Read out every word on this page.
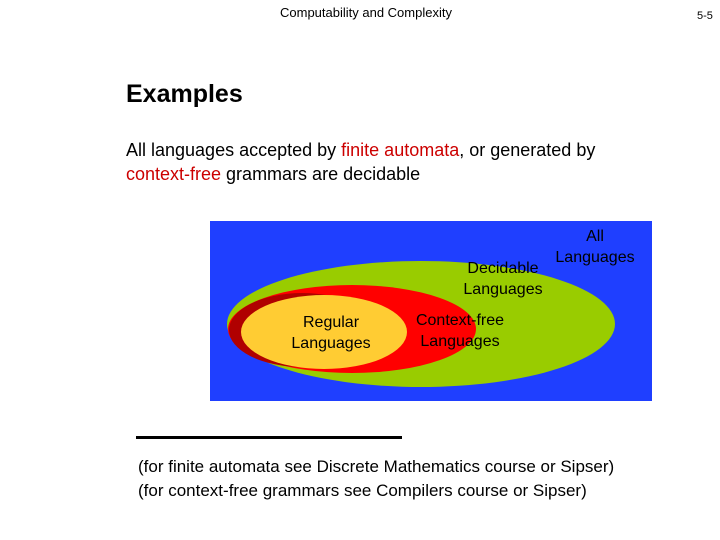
Computability and Complexity	5-5
Examples
All languages accepted by finite automata, or generated by
context-free grammars are decidable
All
Languages
Decidable
Languages
Context-free
Languages
Regular
Languages
(for finite automata see Discrete Mathematics course or Sipser)
(for context-free grammars see Compilers course or Sipser)
